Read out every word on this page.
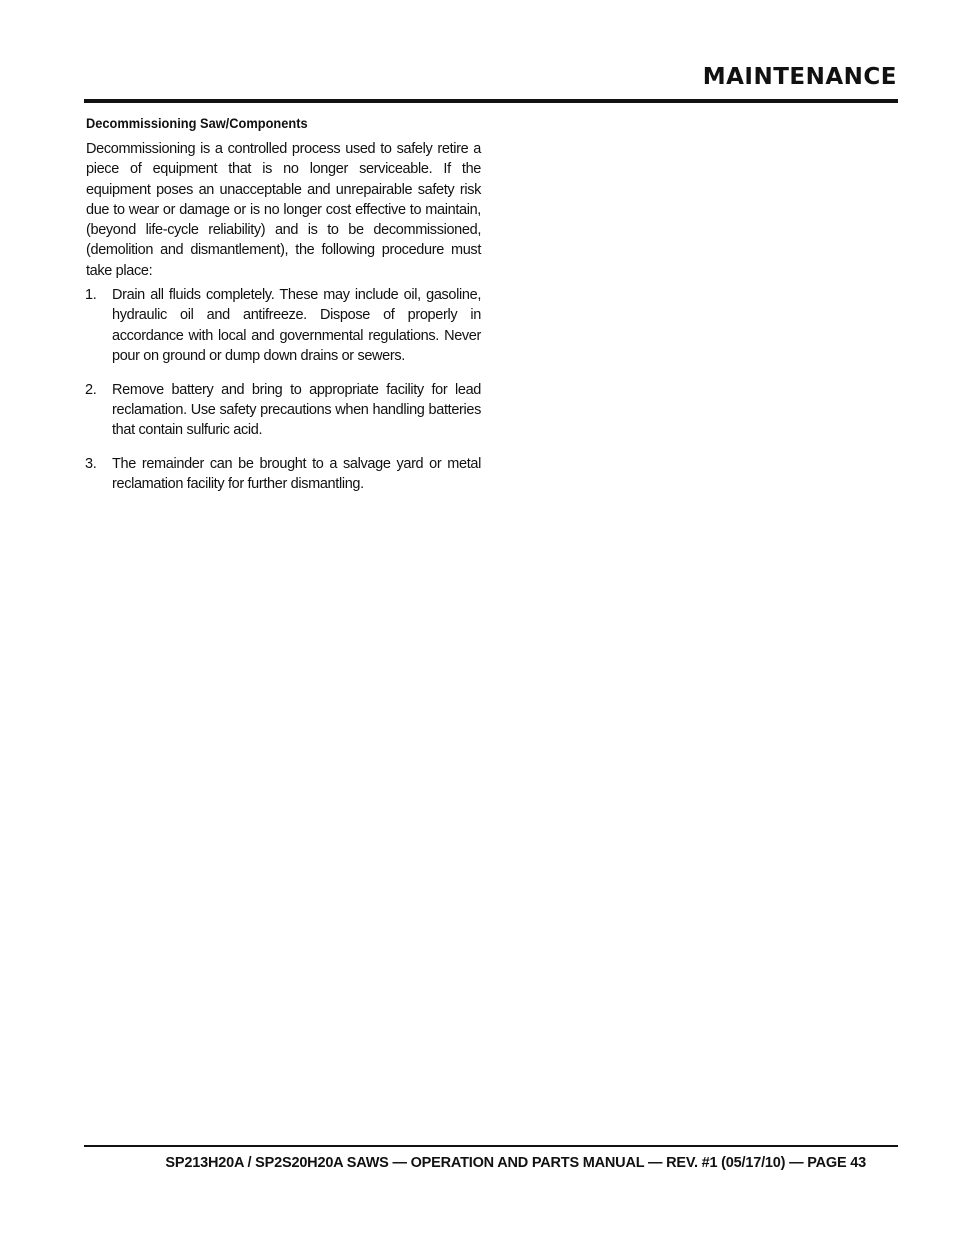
MAINTENANCE
Decommissioning Saw/Components

Decommissioning is a controlled process used to safely retire a piece of equipment that is no longer serviceable. If the equipment poses an unacceptable and unrepairable safety risk due to wear or damage or is no longer cost effective to maintain, (beyond life-cycle reliability) and is to be decommissioned, (demolition and dismantlement), the following procedure must take place:

1. Drain all fluids completely. These may include oil, gasoline, hydraulic oil and antifreeze. Dispose of properly in accordance with local and governmental regulations. Never pour on ground or dump down drains or sewers.
2. Remove battery and bring to appropriate facility for lead reclamation. Use safety precautions when handling batteries that contain sulfuric acid.
3. The remainder can be brought to a salvage yard or metal reclamation facility for further dismantling.
SP213H20A / SP2S20H20A SAWS — OPERATION AND PARTS MANUAL — REV. #1 (05/17/10) — PAGE 43
